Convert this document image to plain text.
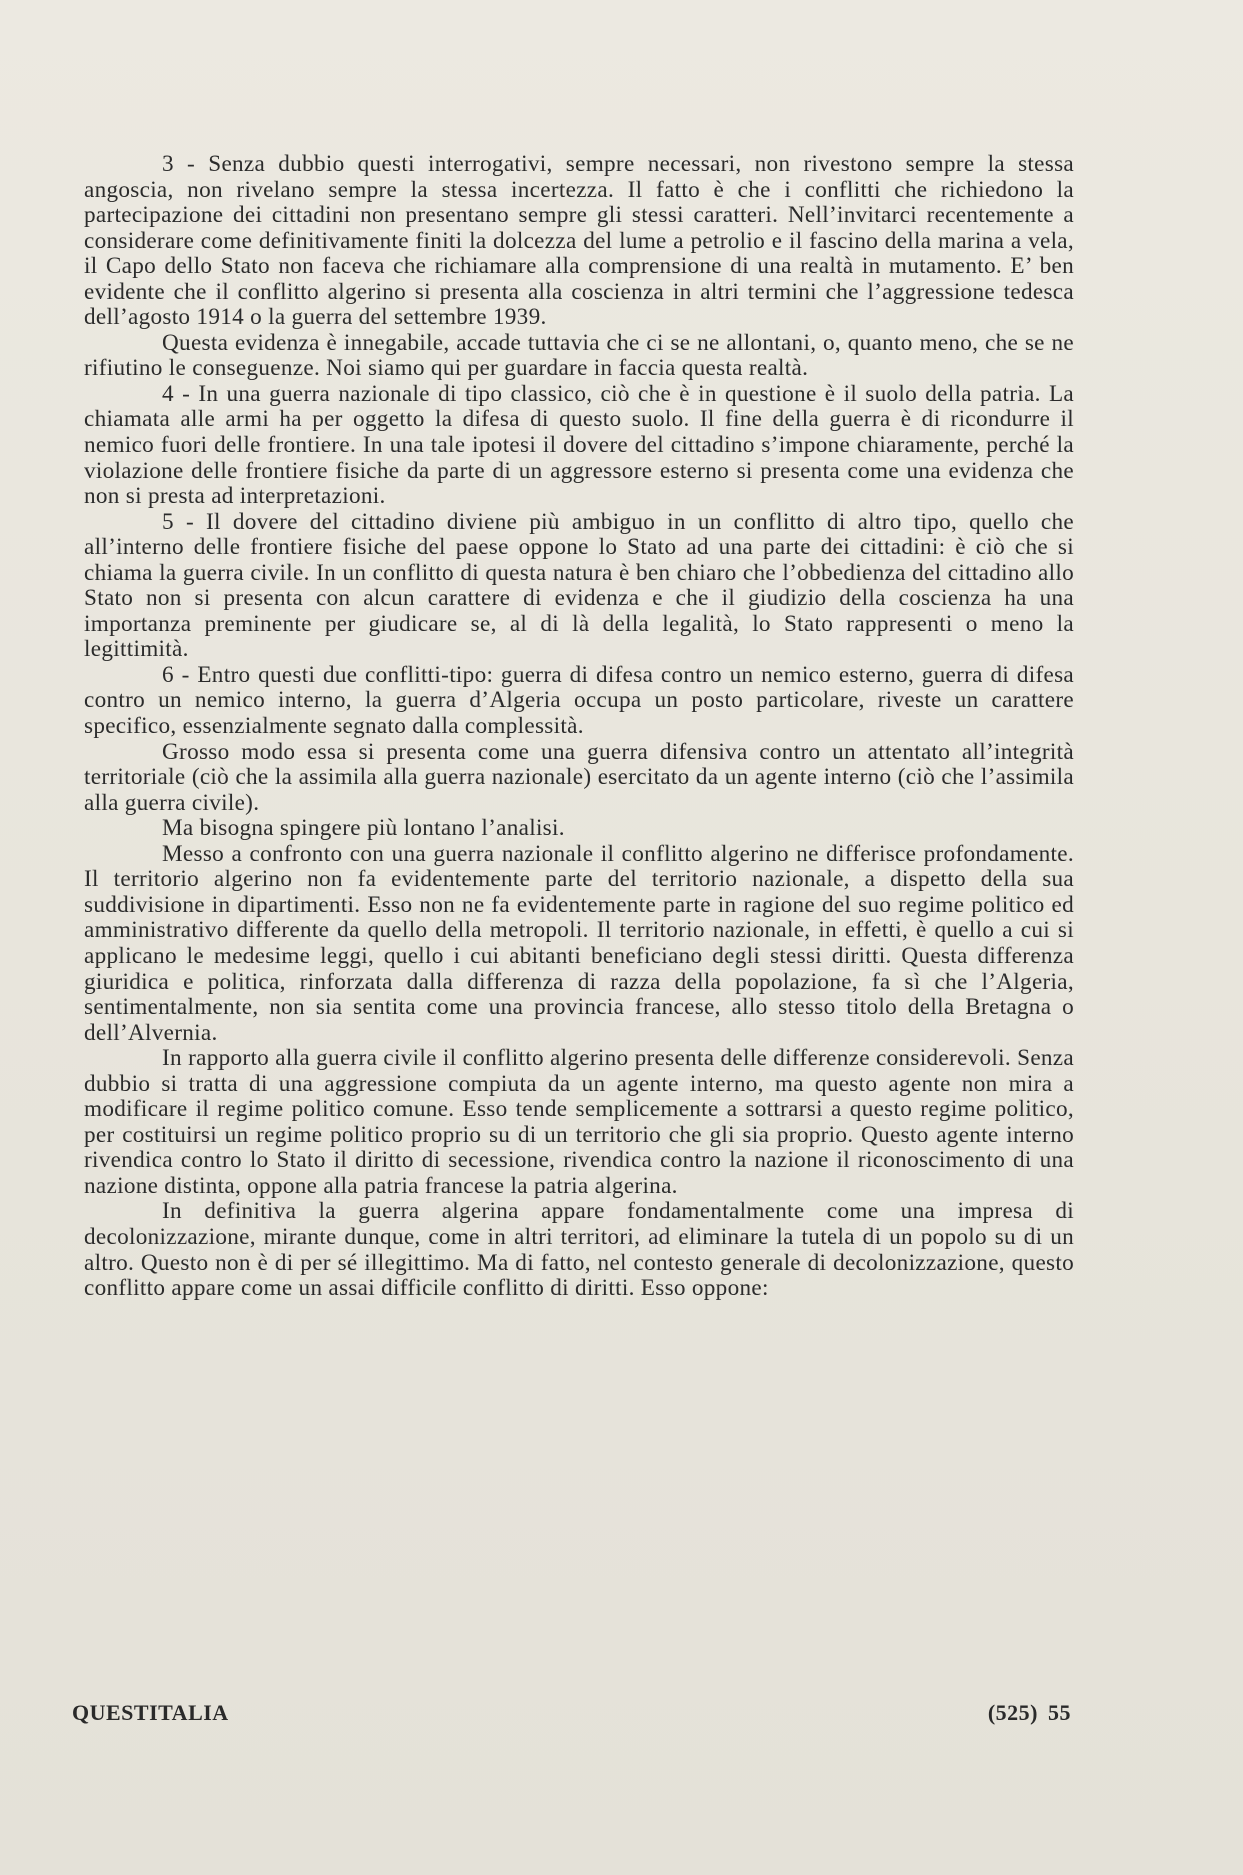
3 - Senza dubbio questi interrogativi, sempre necessari, non rivestono sempre la stessa angoscia, non rivelano sempre la stessa incertezza. Il fatto è che i conflitti che richiedono la partecipazione dei cittadini non presentano sempre gli stessi caratteri. Nell’invitarci recentemente a considerare come definitivamente finiti la dolcezza del lume a petrolio e il fascino della marina a vela, il Capo dello Stato non faceva che richiamare alla comprensione di una realtà in mutamento. E’ ben evidente che il conflitto algerino si presenta alla coscienza in altri termini che l’aggressione tedesca dell’agosto 1914 o la guerra del settembre 1939.

Questa evidenza è innegabile, accade tuttavia che ci se ne allontani, o, quanto meno, che se ne rifiutino le conseguenze. Noi siamo qui per guardare in faccia questa realtà.

4 - In una guerra nazionale di tipo classico, ciò che è in questione è il suolo della patria. La chiamata alle armi ha per oggetto la difesa di questo suolo. Il fine della guerra è di ricondurre il nemico fuori delle frontiere. In una tale ipotesi il dovere del cittadino s’impone chiaramente, perché la violazione delle frontiere fisiche da parte di un aggressore esterno si presenta come una evidenza che non si presta ad interpretazioni.

5 - Il dovere del cittadino diviene più ambiguo in un conflitto di altro tipo, quello che all’interno delle frontiere fisiche del paese oppone lo Stato ad una parte dei cittadini: è ciò che si chiama la guerra civile. In un conflitto di questa natura è ben chiaro che l’obbedienza del cittadino allo Stato non si presenta con alcun carattere di evidenza e che il giudizio della coscienza ha una importanza preminente per giudicare se, al di là della legalità, lo Stato rappresenti o meno la legittimità.

6 - Entro questi due conflitti-tipo: guerra di difesa contro un nemico esterno, guerra di difesa contro un nemico interno, la guerra d’Algeria occupa un posto particolare, riveste un carattere specifico, essenzialmente segnato dalla complessità.

Grosso modo essa si presenta come una guerra difensiva contro un attentato all’integrità territoriale (ciò che la assimila alla guerra nazionale) esercitato da un agente interno (ciò che l’assimila alla guerra civile).

Ma bisogna spingere più lontano l’analisi.

Messo a confronto con una guerra nazionale il conflitto algerino ne differisce profondamente. Il territorio algerino non fa evidentemente parte del territorio nazionale, a dispetto della sua suddivisione in dipartimenti. Esso non ne fa evidentemente parte in ragione del suo regime politico ed amministrativo differente da quello della metropoli. Il territorio nazionale, in effetti, è quello a cui si applicano le medesime leggi, quello i cui abitanti beneficiano degli stessi diritti. Questa differenza giuridica e politica, rinforzata dalla differenza di razza della popolazione, fa sì che l’Algeria, sentimentalmente, non sia sentita come una provincia francese, allo stesso titolo della Bretagna o dell’Alvernia.

In rapporto alla guerra civile il conflitto algerino presenta delle differenze considerevoli. Senza dubbio si tratta di una aggressione compiuta da un agente interno, ma questo agente non mira a modificare il regime politico comune. Esso tende semplicemente a sottrarsi a questo regime politico, per costituirsi un regime politico proprio su di un territorio che gli sia proprio. Questo agente interno rivendica contro lo Stato il diritto di secessione, rivendica contro la nazione il riconoscimento di una nazione distinta, oppone alla patria francese la patria algerina.

In definitiva la guerra algerina appare fondamentalmente come una impresa di decolonizzazione, mirante dunque, come in altri territori, ad eliminare la tutela di un popolo su di un altro. Questo non è di per sé illegittimo. Ma di fatto, nel contesto generale di decolonizzazione, questo conflitto appare come un assai difficile conflitto di diritti. Esso oppone:

QUESTITALIA	(525) 55
